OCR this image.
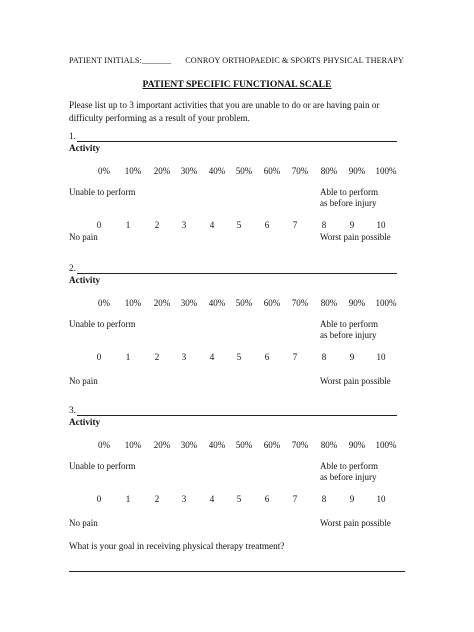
PATIENT INITIALS:_______ CONROY ORTHOPAEDIC & SPORTS PHYSICAL THERAPY
PATIENT SPECIFIC FUNCTIONAL SCALE
Please list up to 3 important activities that you are unable to do or are having pain or difficulty performing as a result of your problem.
1.
Activity
0% 10% 20% 30% 40% 50% 60% 70% 80% 90% 100%
Unable to perform	Able to perform
as before injury
0	1	2	3	4	5	6	7	8	9 10
No pain	Worst pain possible
2.
Activity
0% 10% 20% 30% 40% 50% 60% 70% 80% 90% 100%
Unable to perform	Able to perform
as before injury
0	1	2	3	4	5	6	7	8	9 10
No pain	Worst pain possible
3.
Activity
0% 10% 20% 30% 40% 50% 60% 70% 80% 90% 100%
Unable to perform	Able to perform
as before injury
0	1	2	3	4	5	6	7	8	9 10
No pain	Worst pain possible
What is your goal in receiving physical therapy treatment?
